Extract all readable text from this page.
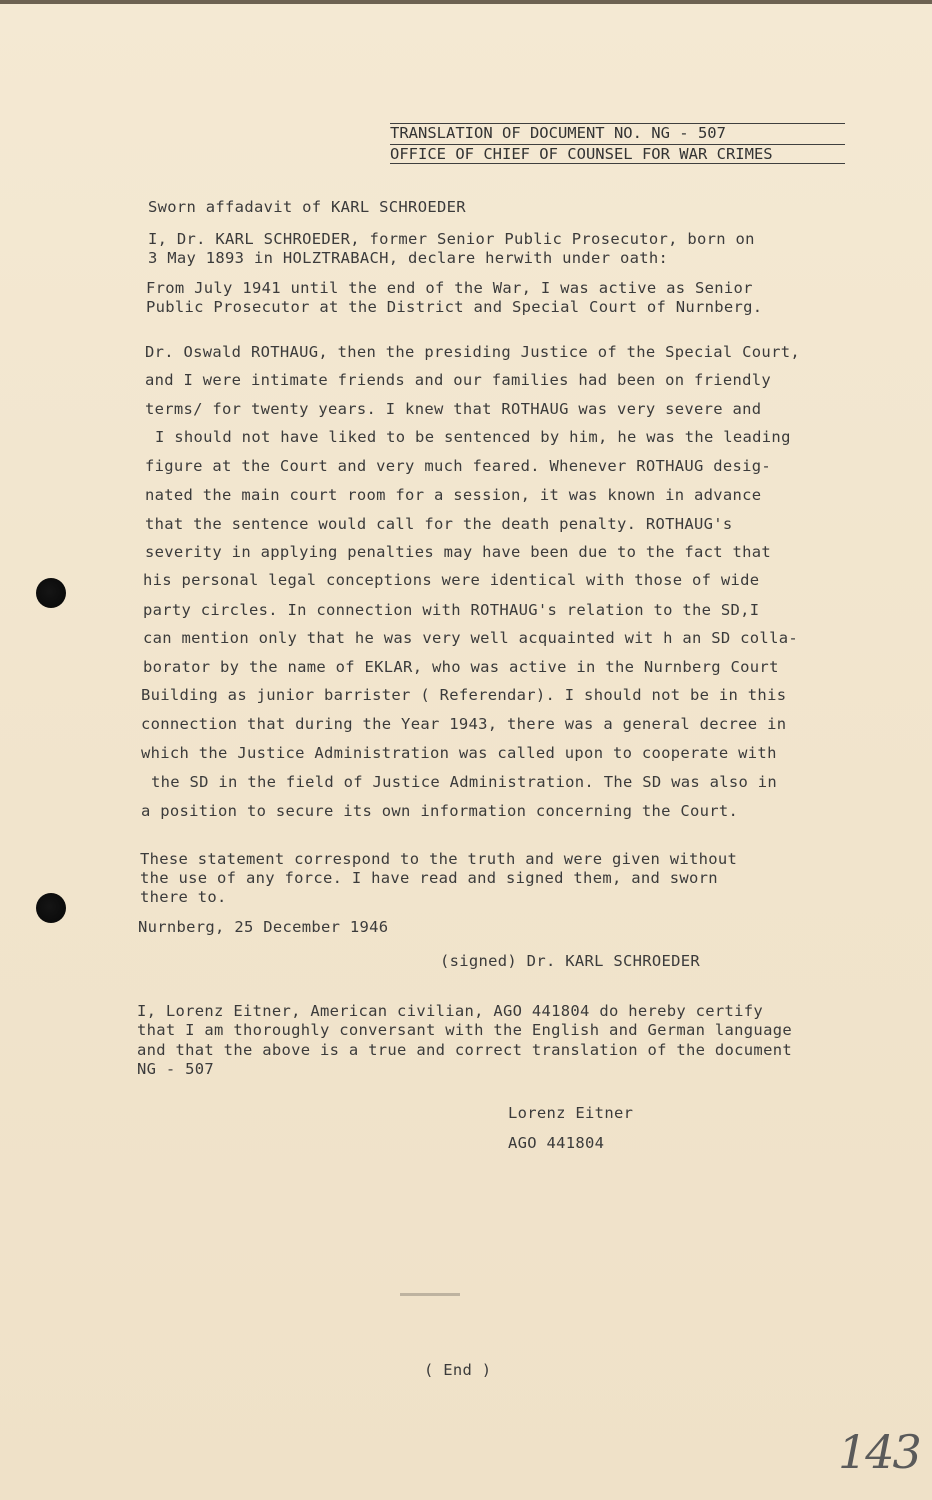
TRANSLATION OF DOCUMENT NO. NG - 507
OFFICE OF CHIEF OF COUNSEL FOR WAR CRIMES
Sworn affadavit of KARL SCHROEDER
I, Dr. KARL SCHROEDER, former Senior Public Prosecutor, born on
3 May 1893 in HOLZTRABACH, declare herwith under oath:
From July 1941 until the end of the War, I was active as Senior
Public Prosecutor at the District and Special Court of Nurnberg.
Dr. Oswald ROTHAUG, then the presiding Justice of the Special Court,
and I were intimate friends and our families had been on friendly
terms/ for twenty years. I knew that ROTHAUG was very severe and
I should not have liked to be sentenced by him, he was the leading
figure at the Court and very much feared. Whenever ROTHAUG desig-
nated the main court room for a session, it was known in advance
that the sentence would call for the death penalty. ROTHAUG's
severity in applying penalties may have been due to the fact that
his personal legal conceptions were identical with those of wide
party circles. In connection with ROTHAUG's relation to the SD,I
can mention only that he was very well acquainted wit h an SD colla-
borator by the name of EKLAR, who was active in the Nurnberg Court
Building as junior barrister ( Referendar). I should not be in this
connection that during the Year 1943, there was a general decree in
which the Justice Administration was called upon to cooperate with
the SD in the field of Justice Administration. The SD was also in
a position to secure its own information concerning the Court.
These statement correspond to the truth and were given without
the use of any force. I have read and signed them, and sworn
there to.
Nurnberg, 25 December 1946
(signed) Dr. KARL SCHROEDER
I, Lorenz Eitner, American civilian, AGO 441804 do hereby certify
that I am thoroughly conversant with the English and German language
and that the above is a true and correct translation of the document
NG - 507
Lorenz Eitner
AGO 441804
( End )
143
